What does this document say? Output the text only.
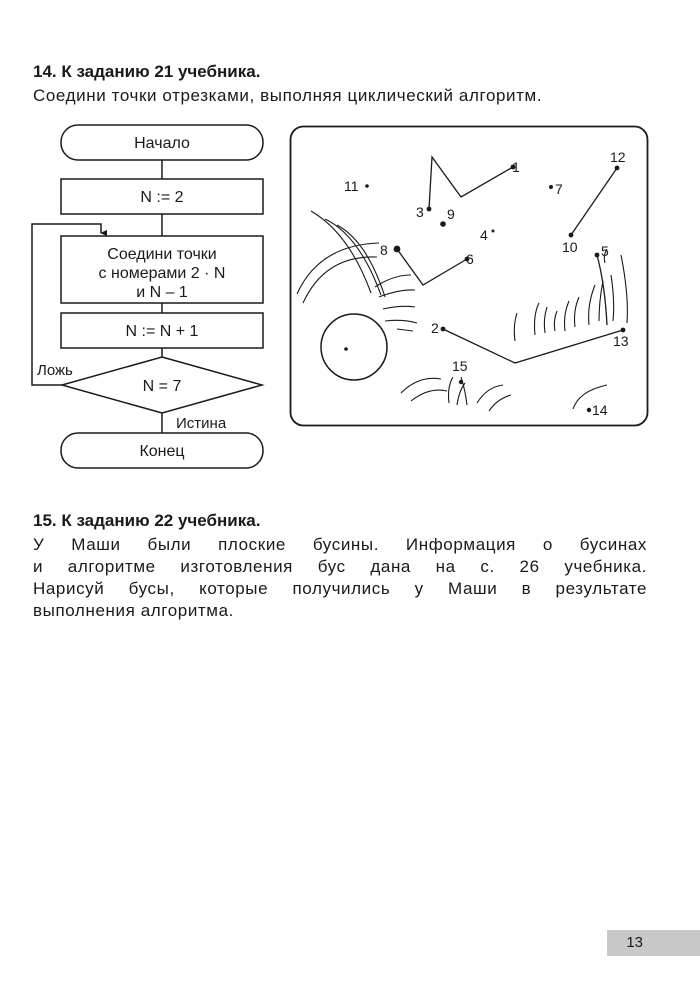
14. К заданию 21 учебника.
Соедини точки отрезками, выполняя циклический алгоритм.
Начало
N := 2
Соедини точки
с номерами 2 · N
и N – 1
N := N + 1
N = 7
Конец
Ложь
Истина
1
2
3
4
5
6
7
8
9
10
11
12
13
14
15
15. К заданию 22 учебника.
У Маши были плоские бусины. Информация о бусинах
и алгоритме изготовления бус дана на с. 26 учебника.
Нарисуй бусы, которые получились у Маши в результате
выполнения алгоритма.
13
